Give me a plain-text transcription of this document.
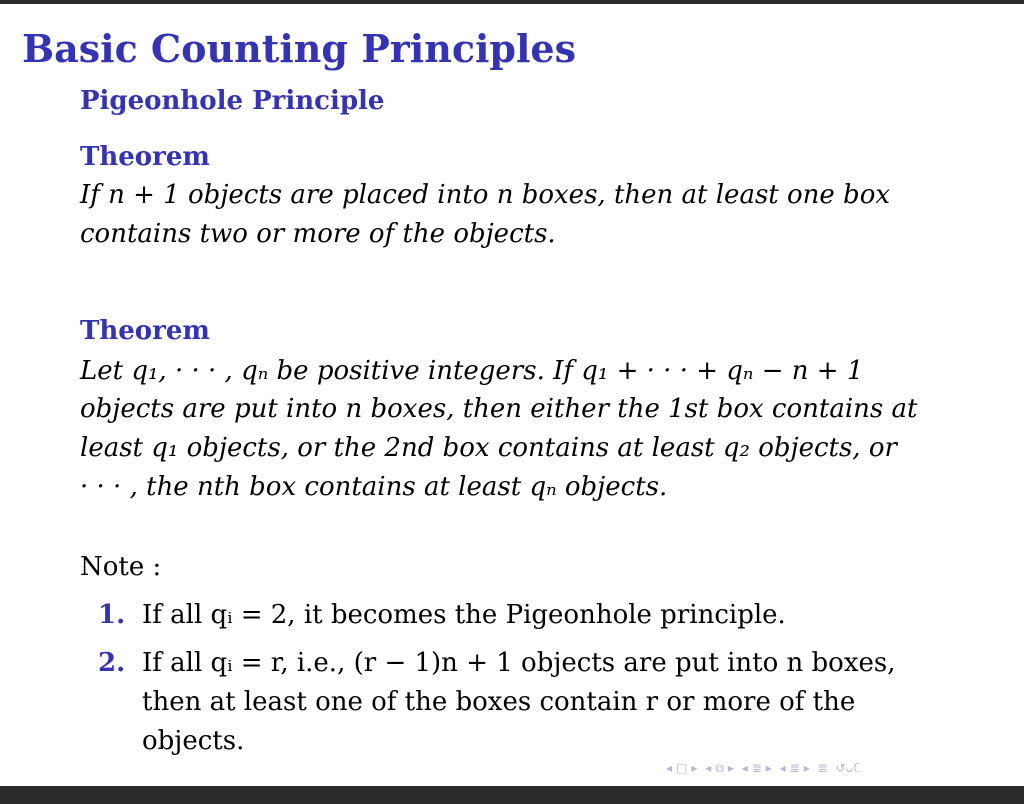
Basic Counting Principles
Pigeonhole Principle
Theorem
If n + 1 objects are placed into n boxes, then at least one box
contains two or more of the objects.
Theorem
Let q₁, · · · , qₙ be positive integers. If q₁ + · · · + qₙ − n + 1
objects are put into n boxes, then either the 1st box contains at
least q₁ objects, or the 2nd box contains at least q₂ objects, or
· · · , the nth box contains at least qₙ objects.
Note :
1. If all qᵢ = 2, it becomes the Pigeonhole principle.
2. If all qᵢ = r, i.e., (r − 1)n + 1 objects are put into n boxes,
then at least one of the boxes contain r or more of the
objects.
◂ □ ▸ ◂ ⧉ ▸ ◂ ≣ ▸ ◂ ≣ ▸ ≣ ↺ᴗℂ
